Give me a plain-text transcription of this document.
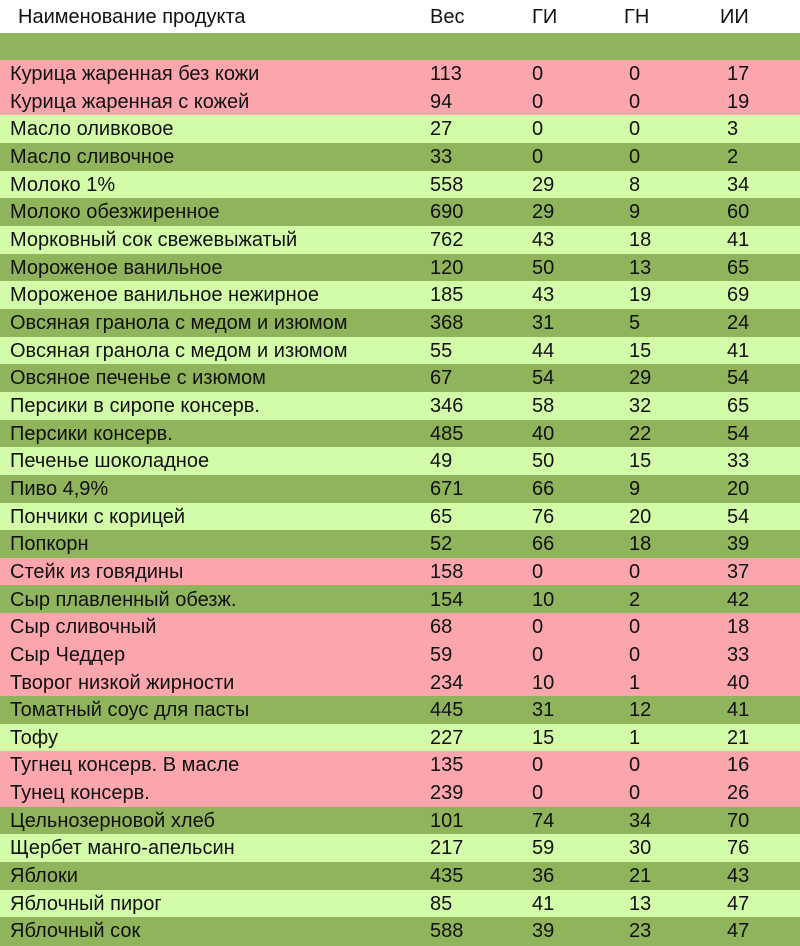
Наименование продукта	Вес	ГИ	ГН	ИИ
Курица жаренная без кожи	113	0	0	17
Курица жаренная с кожей	94	0	0	19
Масло оливковое	27	0	0	3
Масло сливочное	33	0	0	2
Молоко 1%	558	29	8	34
Молоко обезжиренное	690	29	9	60
Морковный сок свежевыжатый	762	43	18	41
Мороженое ванильное	120	50	13	65
Мороженое ванильное нежирное	185	43	19	69
Овсяная гранола с медом и изюмом	368	31	5	24
Овсяная гранола с медом и изюмом	55	44	15	41
Овсяное печенье с изюмом	67	54	29	54
Персики в сиропе консерв.	346	58	32	65
Персики консерв.	485	40	22	54
Печенье шоколадное	49	50	15	33
Пиво 4,9%	671	66	9	20
Пончики с корицей	65	76	20	54
Попкорн	52	66	18	39
Стейк из говядины	158	0	0	37
Сыр плавленный обезж.	154	10	2	42
Сыр сливочный	68	0	0	18
Сыр Чеддер	59	0	0	33
Творог низкой жирности	234	10	1	40
Томатный соус для пасты	445	31	12	41
Тофу	227	15	1	21
Тугнец консерв. В масле	135	0	0	16
Тунец консерв.	239	0	0	26
Цельнозерновой хлеб	101	74	34	70
Щербет манго-апельсин	217	59	30	76
Яблоки	435	36	21	43
Яблочный пирог	85	41	13	47
Яблочный сок	588	39	23	47
